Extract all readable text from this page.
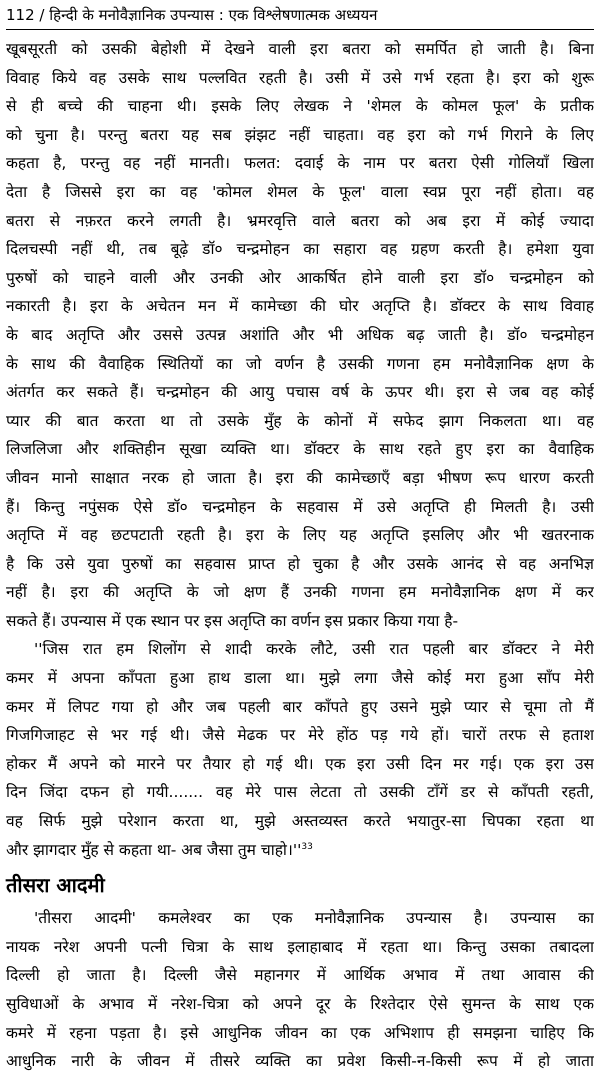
112 / हिन्दी के मनोवैज्ञानिक उपन्यास : एक विश्लेषणात्मक अध्ययन

खूबसूरती को उसकी बेहोशी में देखने वाली इरा बतरा को समर्पित हो जाती है। बिना
विवाह किये वह उसके साथ पल्लवित रहती है। उसी में उसे गर्भ रहता है। इरा को शुरू
से ही बच्चे की चाहना थी। इसके लिए लेखक ने 'शेमल के कोमल फूल' के प्रतीक
को चुना है। परन्तु बतरा यह सब झंझट नहीं चाहता। वह इरा को गर्भ गिराने के लिए
कहता है, परन्तु वह नहीं मानती। फलत: दवाई के नाम पर बतरा ऐसी गोलियाँ खिला
देता है जिससे इरा का वह 'कोमल शेमल के फूल' वाला स्वप्न पूरा नहीं होता। वह
बतरा से नफ़रत करने लगती है। भ्रमरवृत्ति वाले बतरा को अब इरा में कोई ज्यादा
दिलचस्पी नहीं थी, तब बूढ़े डॉ० चन्द्रमोहन का सहारा वह ग्रहण करती है। हमेशा युवा
पुरुषों को चाहने वाली और उनकी ओर आकर्षित होने वाली इरा डॉ० चन्द्रमोहन को
नकारती है। इरा के अचेतन मन में कामेच्छा की घोर अतृप्ति है। डॉक्टर के साथ विवाह
के बाद अतृप्ति और उससे उत्पन्न अशांति और भी अधिक बढ़ जाती है। डॉ० चन्द्रमोहन
के साथ की वैवाहिक स्थितियों का जो वर्णन है उसकी गणना हम मनोवैज्ञानिक क्षण के
अंतर्गत कर सकते हैं। चन्द्रमोहन की आयु पचास वर्ष के ऊपर थी। इरा से जब वह कोई
प्यार की बात करता था तो उसके मुँह के कोनों में सफेद झाग निकलता था। वह
लिजलिजा और शक्तिहीन सूखा व्यक्ति था। डॉक्टर के साथ रहते हुए इरा का वैवाहिक
जीवन मानो साक्षात नरक हो जाता है। इरा की कामेच्छाएँ बड़ा भीषण रूप धारण करती
हैं। किन्तु नपुंसक ऐसे डॉ० चन्द्रमोहन के सहवास में उसे अतृप्ति ही मिलती है। उसी
अतृप्ति में वह छटपटाती रहती है। इरा के लिए यह अतृप्ति इसलिए और भी खतरनाक
है कि उसे युवा पुरुषों का सहवास प्राप्त हो चुका है और उसके आनंद से वह अनभिज्ञ
नहीं है। इरा की अतृप्ति के जो क्षण हैं उनकी गणना हम मनोवैज्ञानिक क्षण में कर
सकते हैं। उपन्यास में एक स्थान पर इस अतृप्ति का वर्णन इस प्रकार किया गया है-

''जिस रात हम शिलोंग से शादी करके लौटे, उसी रात पहली बार डॉक्टर ने मेरी
कमर में अपना काँपता हुआ हाथ डाला था। मुझे लगा जैसे कोई मरा हुआ साँप मेरी
कमर में लिपट गया हो और जब पहली बार काँपते हुए उसने मुझे प्यार से चूमा तो मैं
गिजगिजाहट से भर गई थी। जैसे मेढक पर मेरे होंठ पड़ गये हों। चारों तरफ से हताश
होकर मैं अपने को मारने पर तैयार हो गई थी। एक इरा उसी दिन मर गई। एक इरा उस
दिन जिंदा दफन हो गयी....... वह मेरे पास लेटता तो उसकी टाँगें डर से काँपती रहती,
वह सिर्फ मुझे परेशान करता था, मुझे अस्तव्यस्त करते भयातुर-सा चिपका रहता था
और झागदार मुँह से कहता था- अब जैसा तुम $चाहो।''^{33}$

तीसरा आदमी

'तीसरा आदमी' कमलेश्वर का एक मनोवैज्ञानिक उपन्यास है। उपन्यास का
नायक नरेश अपनी पत्नी चित्रा के साथ इलाहाबाद में रहता था। किन्तु उसका तबादला
दिल्ली हो जाता है। दिल्ली जैसे महानगर में आर्थिक अभाव में तथा आवास की
सुविधाओं के अभाव में नरेश-चित्रा को अपने दूर के रिश्तेदार ऐसे सुमन्त के साथ एक
कमरे में रहना पड़ता है। इसे आधुनिक जीवन का एक अभिशाप ही समझना चाहिए कि
आधुनिक नारी के जीवन में तीसरे व्यक्ति का प्रवेश किसी-न-किसी रूप में हो जाता
